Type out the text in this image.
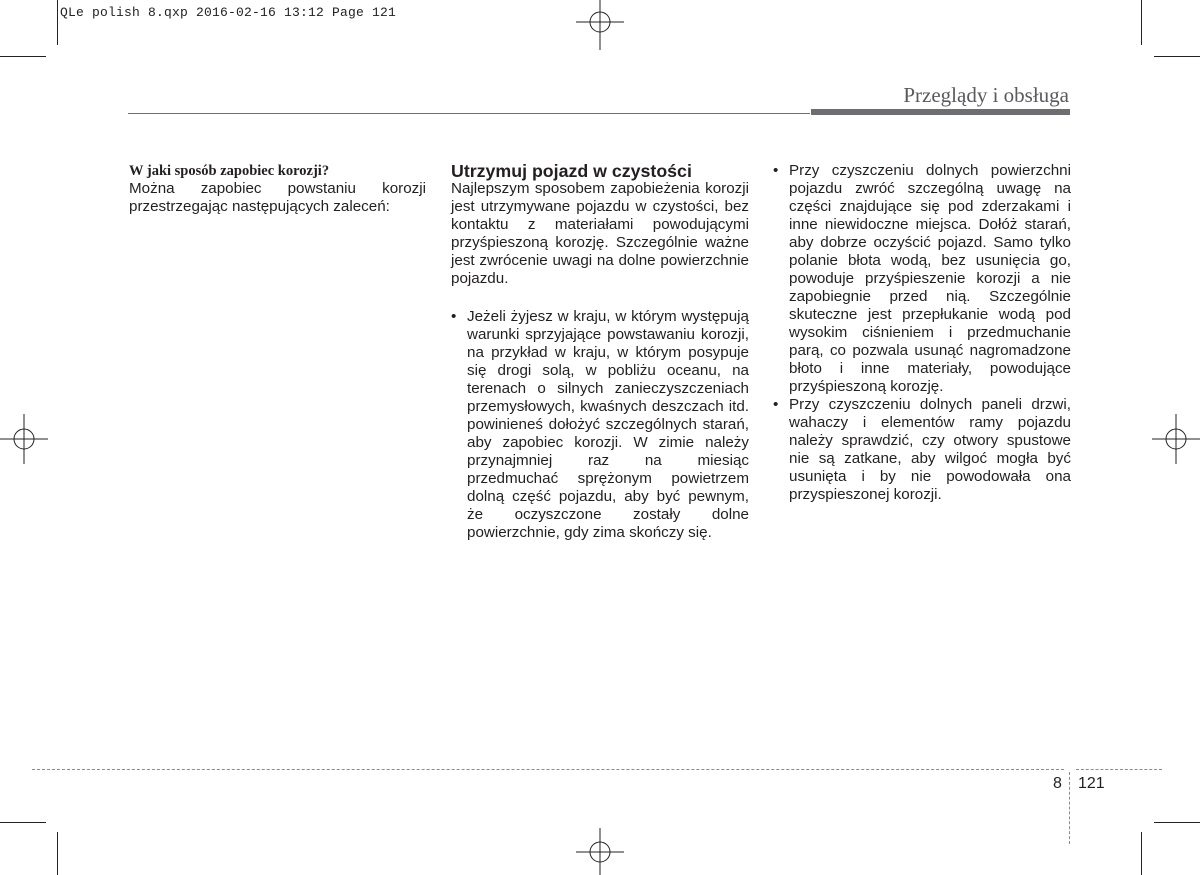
QLe polish 8.qxp 2016-02-16 13:12 Page 121
Przeglądy i obsługa
W jaki sposób zapobiec korozji?

Można zapobiec powstaniu korozji przestrzegając następujących zaleceń:

Utrzymuj pojazd w czystości

Najlepszym sposobem zapobieżenia korozji jest utrzymywane pojazdu w czystości, bez kontaktu z materiałami powodującymi przyśpieszoną korozję. Szczególnie ważne jest zwrócenie uwagi na dolne powierzchnie pojazdu.

• Jeżeli żyjesz w kraju, w którym występują warunki sprzyjające powstawaniu korozji, na przykład w kraju, w którym posypuje się drogi solą, w pobliżu oceanu, na terenach o silnych zanieczyszczeniach przemysłowych, kwaśnych deszczach itd. powinieneś dołożyć szczególnych starań, aby zapobiec korozji. W zimie należy przynajmniej raz na miesiąc przedmuchać sprężonym powietrzem dolną część pojazdu, aby być pewnym, że oczyszczone zostały dolne powierzchnie, gdy zima skończy się.
• Przy czyszczeniu dolnych powierzchni pojazdu zwróć szczególną uwagę na części znajdujące się pod zderzakami i inne niewidoczne miejsca. Dołóż starań, aby dobrze oczyścić pojazd. Samo tylko polanie błota wodą, bez usunięcia go, powoduje przyśpieszenie korozji a nie zapobiegnie przed nią. Szczególnie skuteczne jest przepłukanie wodą pod wysokim ciśnieniem i przedmuchanie parą, co pozwala usunąć nagromadzone błoto i inne materiały, powodujące przyśpieszoną korozję.
• Przy czyszczeniu dolnych paneli drzwi, wahaczy i elementów ramy pojazdu należy sprawdzić, czy otwory spustowe nie są zatkane, aby wilgoć mogła być usunięta i by nie powodowała ona przyspieszonej korozji.
8 121
